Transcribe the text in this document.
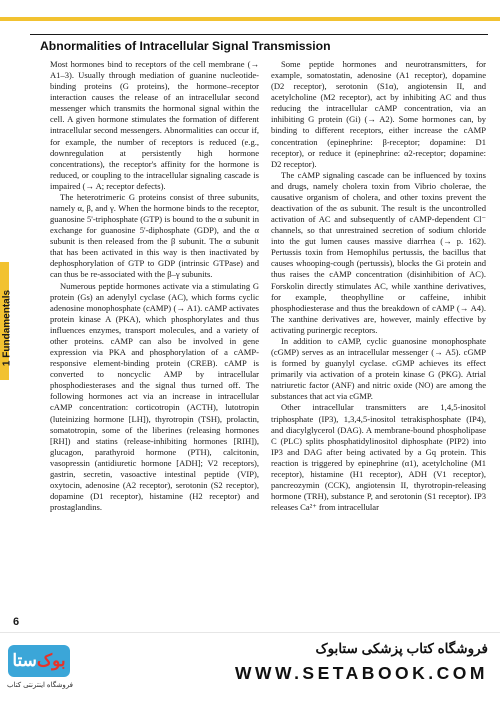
Abnormalities of Intracellular Signal Transmission
1 Fundamentals
6

Most hormones bind to receptors of the cell membrane (→ A1–3). Usually through mediation of guanine nucleotide-binding proteins (G proteins), the hormone–receptor interaction causes the release of an intracellular second messenger which transmits the hormonal signal within the cell. A given hormone stimulates the formation of different intracellular second messengers. Abnormalities can occur if, for example, the number of receptors is reduced (e.g., downregulation at persistently high hormone concentrations), the receptor's affinity for the hormone is reduced, or coupling to the intracellular signaling cascade is impaired (→ A; receptor defects).

The heterotrimeric G proteins consist of three subunits, namely α, β, and γ. When the hormone binds to the receptor, guanosine 5'-triphosphate (GTP) is bound to the α subunit in exchange for guanosine 5'-diphosphate (GDP), and the α subunit is then released from the β subunit. The α subunit that has been activated in this way is then inactivated by dephosphorylation of GTP to GDP (intrinsic GTPase) and can thus be re-associated with the β–γ subunits.

Numerous peptide hormones activate via a stimulating G protein (Gs) an adenylyl cyclase (AC), which forms cyclic adenosine monophosphate (cAMP) (→ A1). cAMP activates protein kinase A (PKA), which phosphorylates and thus influences enzymes, transport molecules, and a variety of other proteins. cAMP can also be involved in gene expression via PKA and phosphorylation of a cAMP-responsive element-binding protein (CREB). cAMP is converted to noncyclic AMP by intracellular phosphodiesterases and the signal thus turned off. The following hormones act via an increase in intracellular cAMP concentration: corticotropin (ACTH), lutotropin (luteinizing hormone [LH]), thyrotropin (TSH), prolactin, somatotropin, some of the liberines (releasing hormones [RH]) and statins (release-inhibiting hormones [RIH]), glucagon, parathyroid hormone (PTH), calcitonin, vasopressin (antidiuretic hormone [ADH]; V2 receptors), gastrin, secretin, vasoactive intestinal peptide (VIP), oxytocin, adenosine (A2 receptor), serotonin (S2 receptor), dopamine (D1 receptor), histamine (H2 receptor) and prostaglandins.

Some peptide hormones and neurotransmitters, for example, somatostatin, adenosine (A1 receptor), dopamine (D2 receptor), serotonin (S1α), angiotensin II, and acetylcholine (M2 receptor), act by inhibiting AC and thus reducing the intracellular cAMP concentration, via an inhibiting G protein (Gi) (→ A2). Some hormones can, by binding to different receptors, either increase the cAMP concentration (epinephrine: β-receptor; dopamine: D1 receptor), or reduce it (epinephrine: α2-receptor; dopamine: D2 receptor).

The cAMP signaling cascade can be influenced by toxins and drugs, namely cholera toxin from Vibrio cholerae, the causative organism of cholera, and other toxins prevent the deactivation of the αs subunit. The result is the uncontrolled activation of AC and subsequently of cAMP-dependent Cl⁻ channels, so that unrestrained secretion of sodium chloride into the gut lumen causes massive diarrhea (→ p. 162). Pertussis toxin from Hemophilus pertussis, the bacillus that causes whooping-cough (pertussis), blocks the Gi protein and thus raises the cAMP concentration (disinhibition of AC). Forskolin directly stimulates AC, while xanthine derivatives, for example, theophylline or caffeine, inhibit phosphodiesterase and thus the breakdown of cAMP (→ A4). The xanthine derivatives are, however, mainly effective by activating purinergic receptors.

In addition to cAMP, cyclic guanosine monophosphate (cGMP) serves as an intracellular messenger (→ A5). cGMP is formed by guanylyl cyclase. cGMP achieves its effect primarily via activation of a protein kinase G (PKG). Atrial natriuretic factor (ANF) and nitric oxide (NO) are among the substances that act via cGMP.

Other intracellular transmitters are 1,4,5-inositol triphosphate (IP3), 1,3,4,5-inositol tetrakisphosphate (IP4), and diacylglycerol (DAG). A membrane-bound phospholipase C (PLC) splits phosphatidylinositol diphosphate (PIP2) into IP3 and DAG after being activated by a Gq protein. This reaction is triggered by epinephrine (α1), acetylcholine (M1 receptor), histamine (H1 receptor), ADH (V1 receptor), pancreozymin (CCK), angiotensin II, thyrotropin-releasing hormone (TRH), substance P, and serotonin (S1 receptor). IP3 releases Ca²⁺ from intracellular

ستا بوک
فروشگاه اینترنتی کتاب
فروشگاه کتاب پزشکی ستابوک
WWW.SETABOOK.COM
